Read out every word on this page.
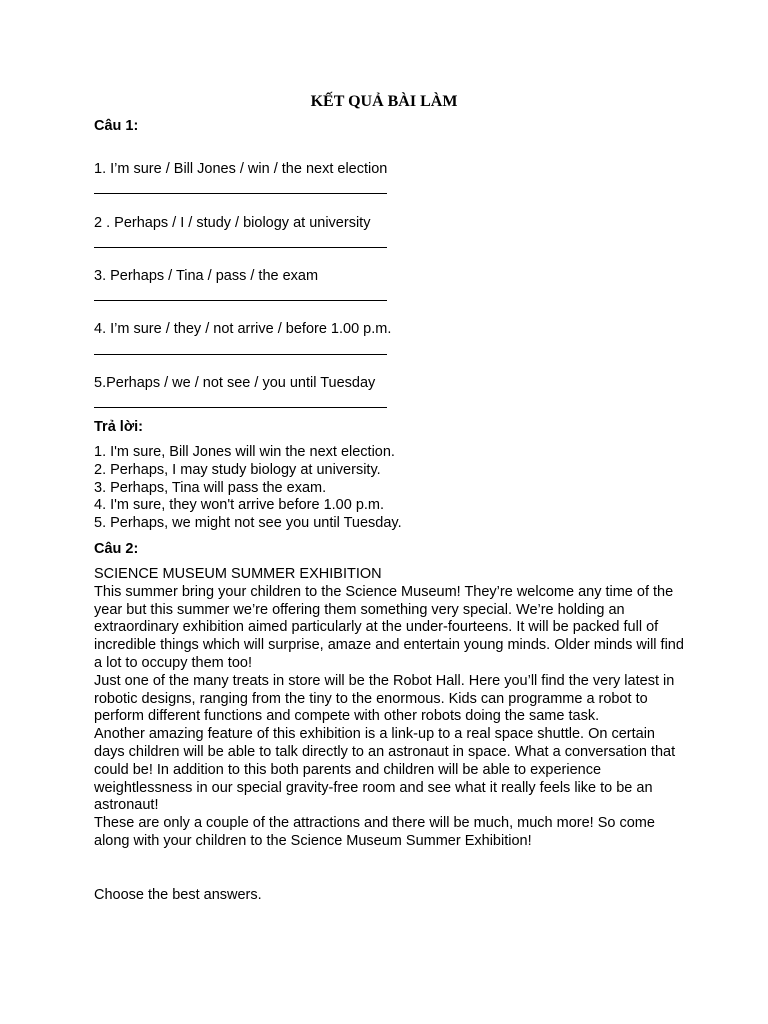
KẾT QUẢ BÀI LÀM
Câu 1:
1. I’m sure / Bill Jones / win / the next election
2 . Perhaps / I / study / biology at university
3. Perhaps / Tina / pass / the exam
4. I’m sure / they / not arrive / before 1.00 p.m.
5.Perhaps / we / not see / you until Tuesday
Trả lời:
1. I'm sure, Bill Jones will win the next election.
2. Perhaps, I may study biology at university.
3. Perhaps, Tina will pass the exam.
4. I'm sure, they won't arrive before 1.00 p.m.
5. Perhaps, we might not see you until Tuesday.
Câu 2:

SCIENCE MUSEUM SUMMER EXHIBITION

This summer bring your children to the Science Museum! They’re welcome any time of the year but this summer we’re offering them something very special. We’re holding an extraordinary exhibition aimed particularly at the under-fourteens. It will be packed full of incredible things which will surprise, amaze and entertain young minds. Older minds will find a lot to occupy them too!

Just one of the many treats in store will be the Robot Hall. Here you’ll find the very latest in robotic designs, ranging from the tiny to the enormous. Kids can programme a robot to perform different functions and compete with other robots doing the same task.

Another amazing feature of this exhibition is a link-up to a real space shuttle. On certain days children will be able to talk directly to an astronaut in space. What a conversation that could be! In addition to this both parents and children will be able to experience weightlessness in our special gravity-free room and see what it really feels like to be an astronaut!

These are only a couple of the attractions and there will be much, much more! So come along with your children to the Science Museum Summer Exhibition!

Choose the best answers.
